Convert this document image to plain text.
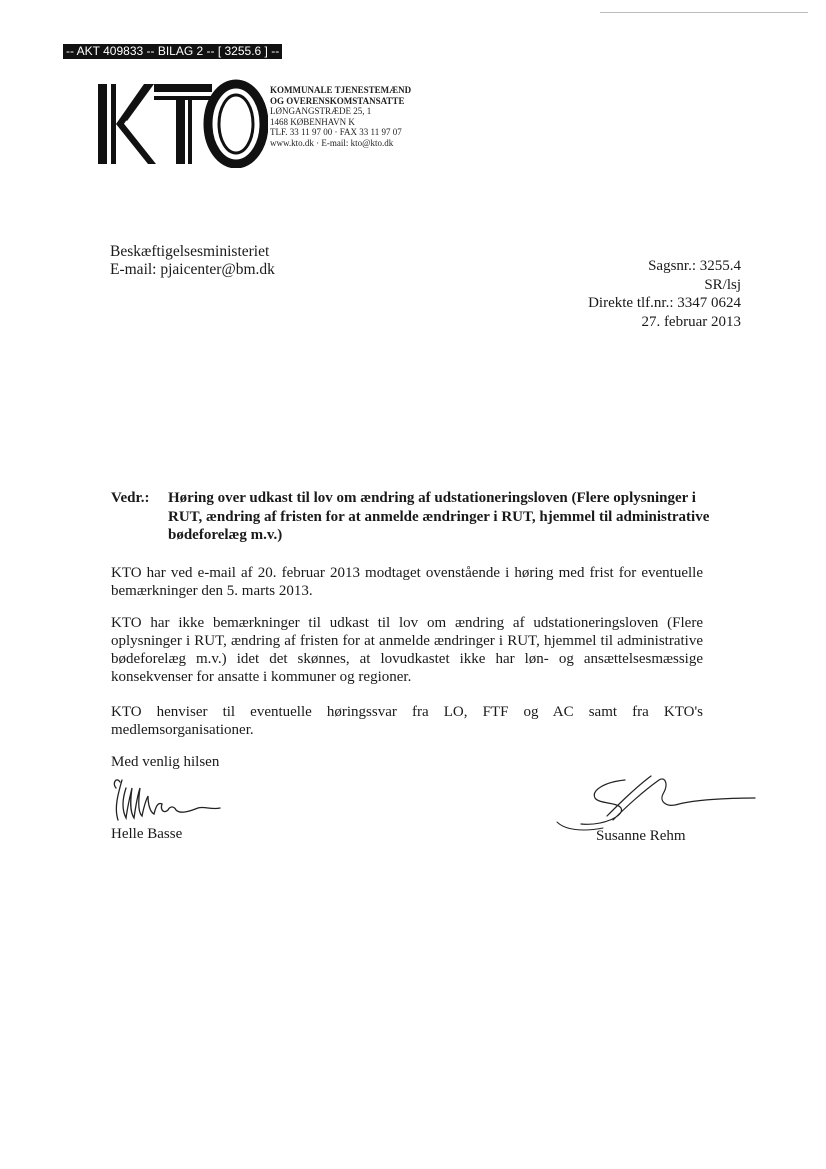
-- AKT 409833 -- BILAG 2 -- [ 3255.6 ] --
KOMMUNALE TJENESTEMÆND
OG OVERENSKOMSTANSATTE
LØNGANGSTRÆDE 25, 1
1468 KØBENHAVN K
TLF. 33 11 97 00 · FAX 33 11 97 07
www.kto.dk · E-mail: kto@kto.dk
Beskæftigelsesministeriet
E-mail: pjaicenter@bm.dk	Sagsnr.: 3255.4
SR/lsj
Direkte tlf.nr.: 3347 0624
27. februar 2013
Vedr.: Høring over udkast til lov om ændring af udstationeringsloven (Flere oplysninger i RUT, ændring af fristen for at anmelde ændringer i RUT, hjemmel til administrative bødeforelæg m.v.)
KTO har ved e-mail af 20. februar 2013 modtaget ovenstående i høring med frist for eventuelle bemærkninger den 5. marts 2013.
KTO har ikke bemærkninger til udkast til lov om ændring af udstationeringsloven (Flere oplysninger i RUT, ændring af fristen for at anmelde ændringer i RUT, hjemmel til administrative bødeforelæg m.v.) idet det skønnes, at lovudkastet ikke har løn- og ansættelsesmæssige konsekvenser for ansatte i kommuner og regioner.
KTO henviser til eventuelle høringssvar fra LO, FTF og AC samt fra KTO's medlemsorganisationer.
Med venlig hilsen
Helle Basse	Susanne Rehm
